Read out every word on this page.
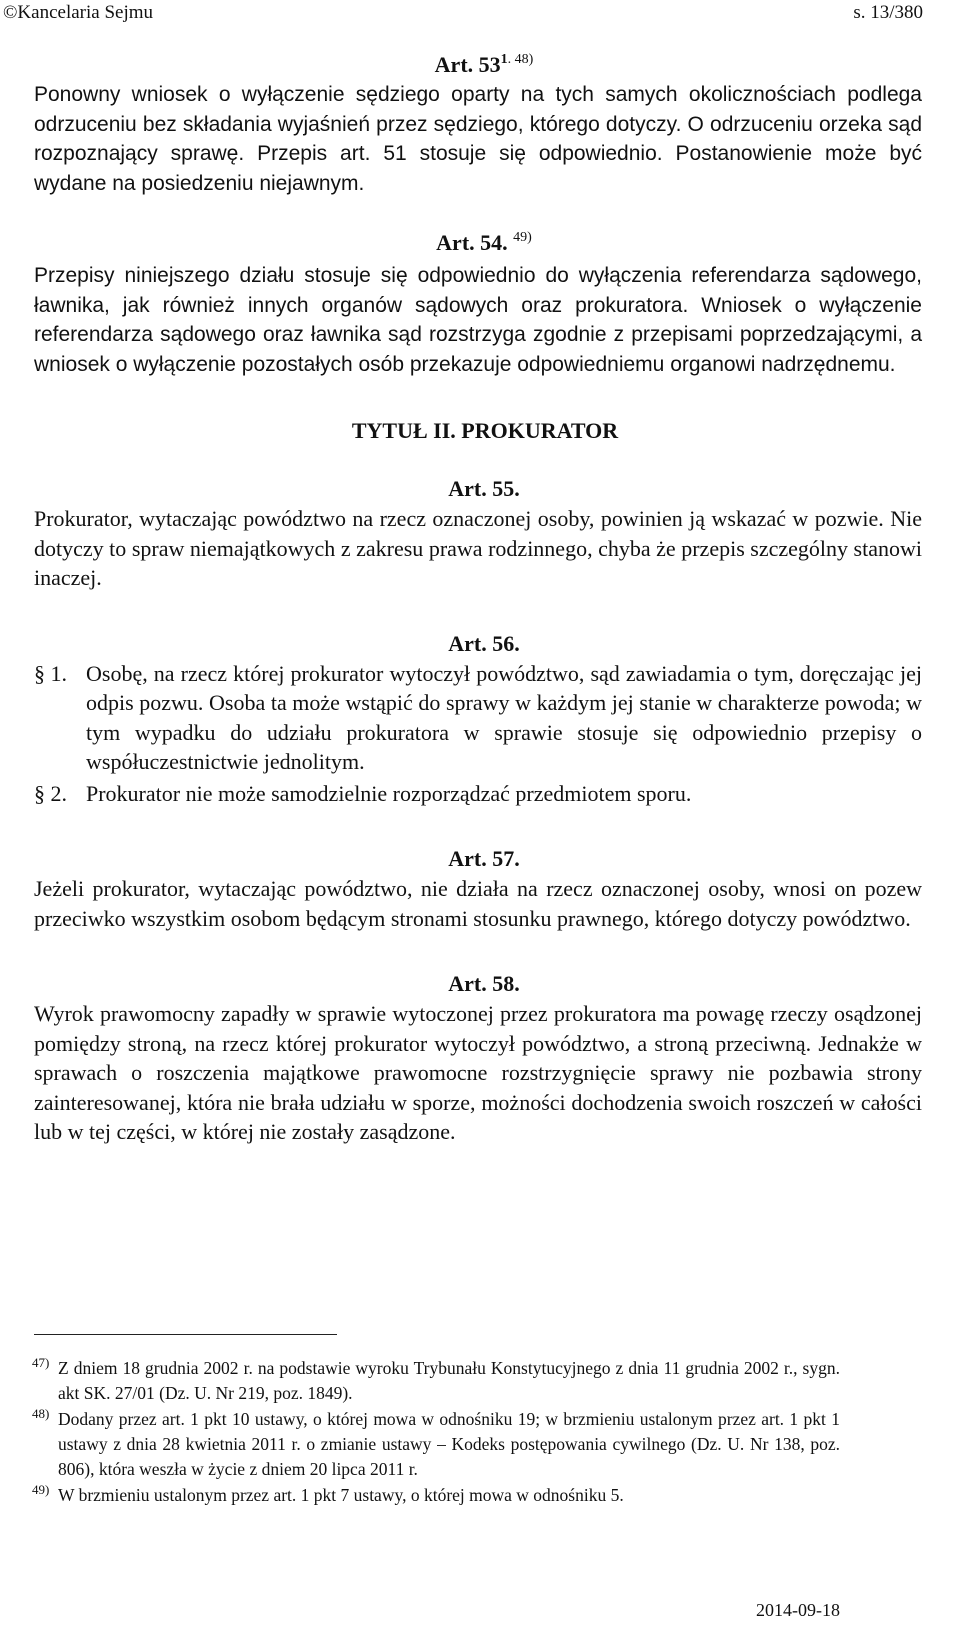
©Kancelaria Sejmu	s. 13/380
Art. $53^{1. 48)}$

Ponowny wniosek o wyłączenie sędziego oparty na tych samych okolicznościach podlega odrzuceniu bez składania wyjaśnień przez sędziego, którego dotyczy. O odrzuceniu orzeka sąd rozpoznający sprawę. Przepis art. 51 stosuje się odpowiednio. Postanowienie może być wydane na posiedzeniu niejawnym.

Art. 54. $^{49)}$

Przepisy niniejszego działu stosuje się odpowiednio do wyłączenia referendarza sądowego, ławnika, jak również innych organów sądowych oraz prokuratora. Wniosek o wyłączenie referendarza sądowego oraz ławnika sąd rozstrzyga zgodnie z przepisami poprzedzającymi, a wniosek o wyłączenie pozostałych osób przekazuje odpowiedniemu organowi nadrzędnemu.

TYTUŁ II. PROKURATOR
Art. 55.

Prokurator, wytaczając powództwo na rzecz oznaczonej osoby, powinien ją wskazać w pozwie. Nie dotyczy to spraw niemajątkowych z zakresu prawa rodzinnego, chyba że przepis szczególny stanowi inaczej.

Art. 56.

§ 1. Osobę, na rzecz której prokurator wytoczył powództwo, sąd zawiadamia o tym, doręczając jej odpis pozwu. Osoba ta może wstąpić do sprawy w każdym jej stanie w charakterze powoda; w tym wypadku do udziału prokuratora w sprawie stosuje się odpowiednio przepisy o współuczestnictwie jednolitym.

§ 2. Prokurator nie może samodzielnie rozporządzać przedmiotem sporu.

Art. 57.

Jeżeli prokurator, wytaczając powództwo, nie działa na rzecz oznaczonej osoby, wnosi on pozew przeciwko wszystkim osobom będącym stronami stosunku prawnego, którego dotyczy powództwo.

Art. 58.

Wyrok prawomocny zapadły w sprawie wytoczonej przez prokuratora ma powagę rzeczy osądzonej pomiędzy stroną, na rzecz której prokurator wytoczył powództwo, a stroną przeciwną. Jednakże w sprawach o roszczenia majątkowe prawomocne rozstrzygnięcie sprawy nie pozbawia strony zainteresowanej, która nie brała udziału w sporze, możności dochodzenia swoich roszczeń w całości lub w tej części, w której nie zostały zasądzone.

47) Z dniem 18 grudnia 2002 r. na podstawie wyroku Trybunału Konstytucyjnego z dnia 11 grudnia 2002 r., sygn. akt SK. 27/01 (Dz. U. Nr 219, poz. 1849).

48) Dodany przez art. 1 pkt 10 ustawy, o której mowa w odnośniku 19; w brzmieniu ustalonym przez art. 1 pkt 1 ustawy z dnia 28 kwietnia 2011 r. o zmianie ustawy – Kodeks postępowania cywilnego (Dz. U. Nr 138, poz. 806), która weszła w życie z dniem 20 lipca 2011 r.

49) W brzmieniu ustalonym przez art. 1 pkt 7 ustawy, o której mowa w odnośniku 5.

2014-09-18
